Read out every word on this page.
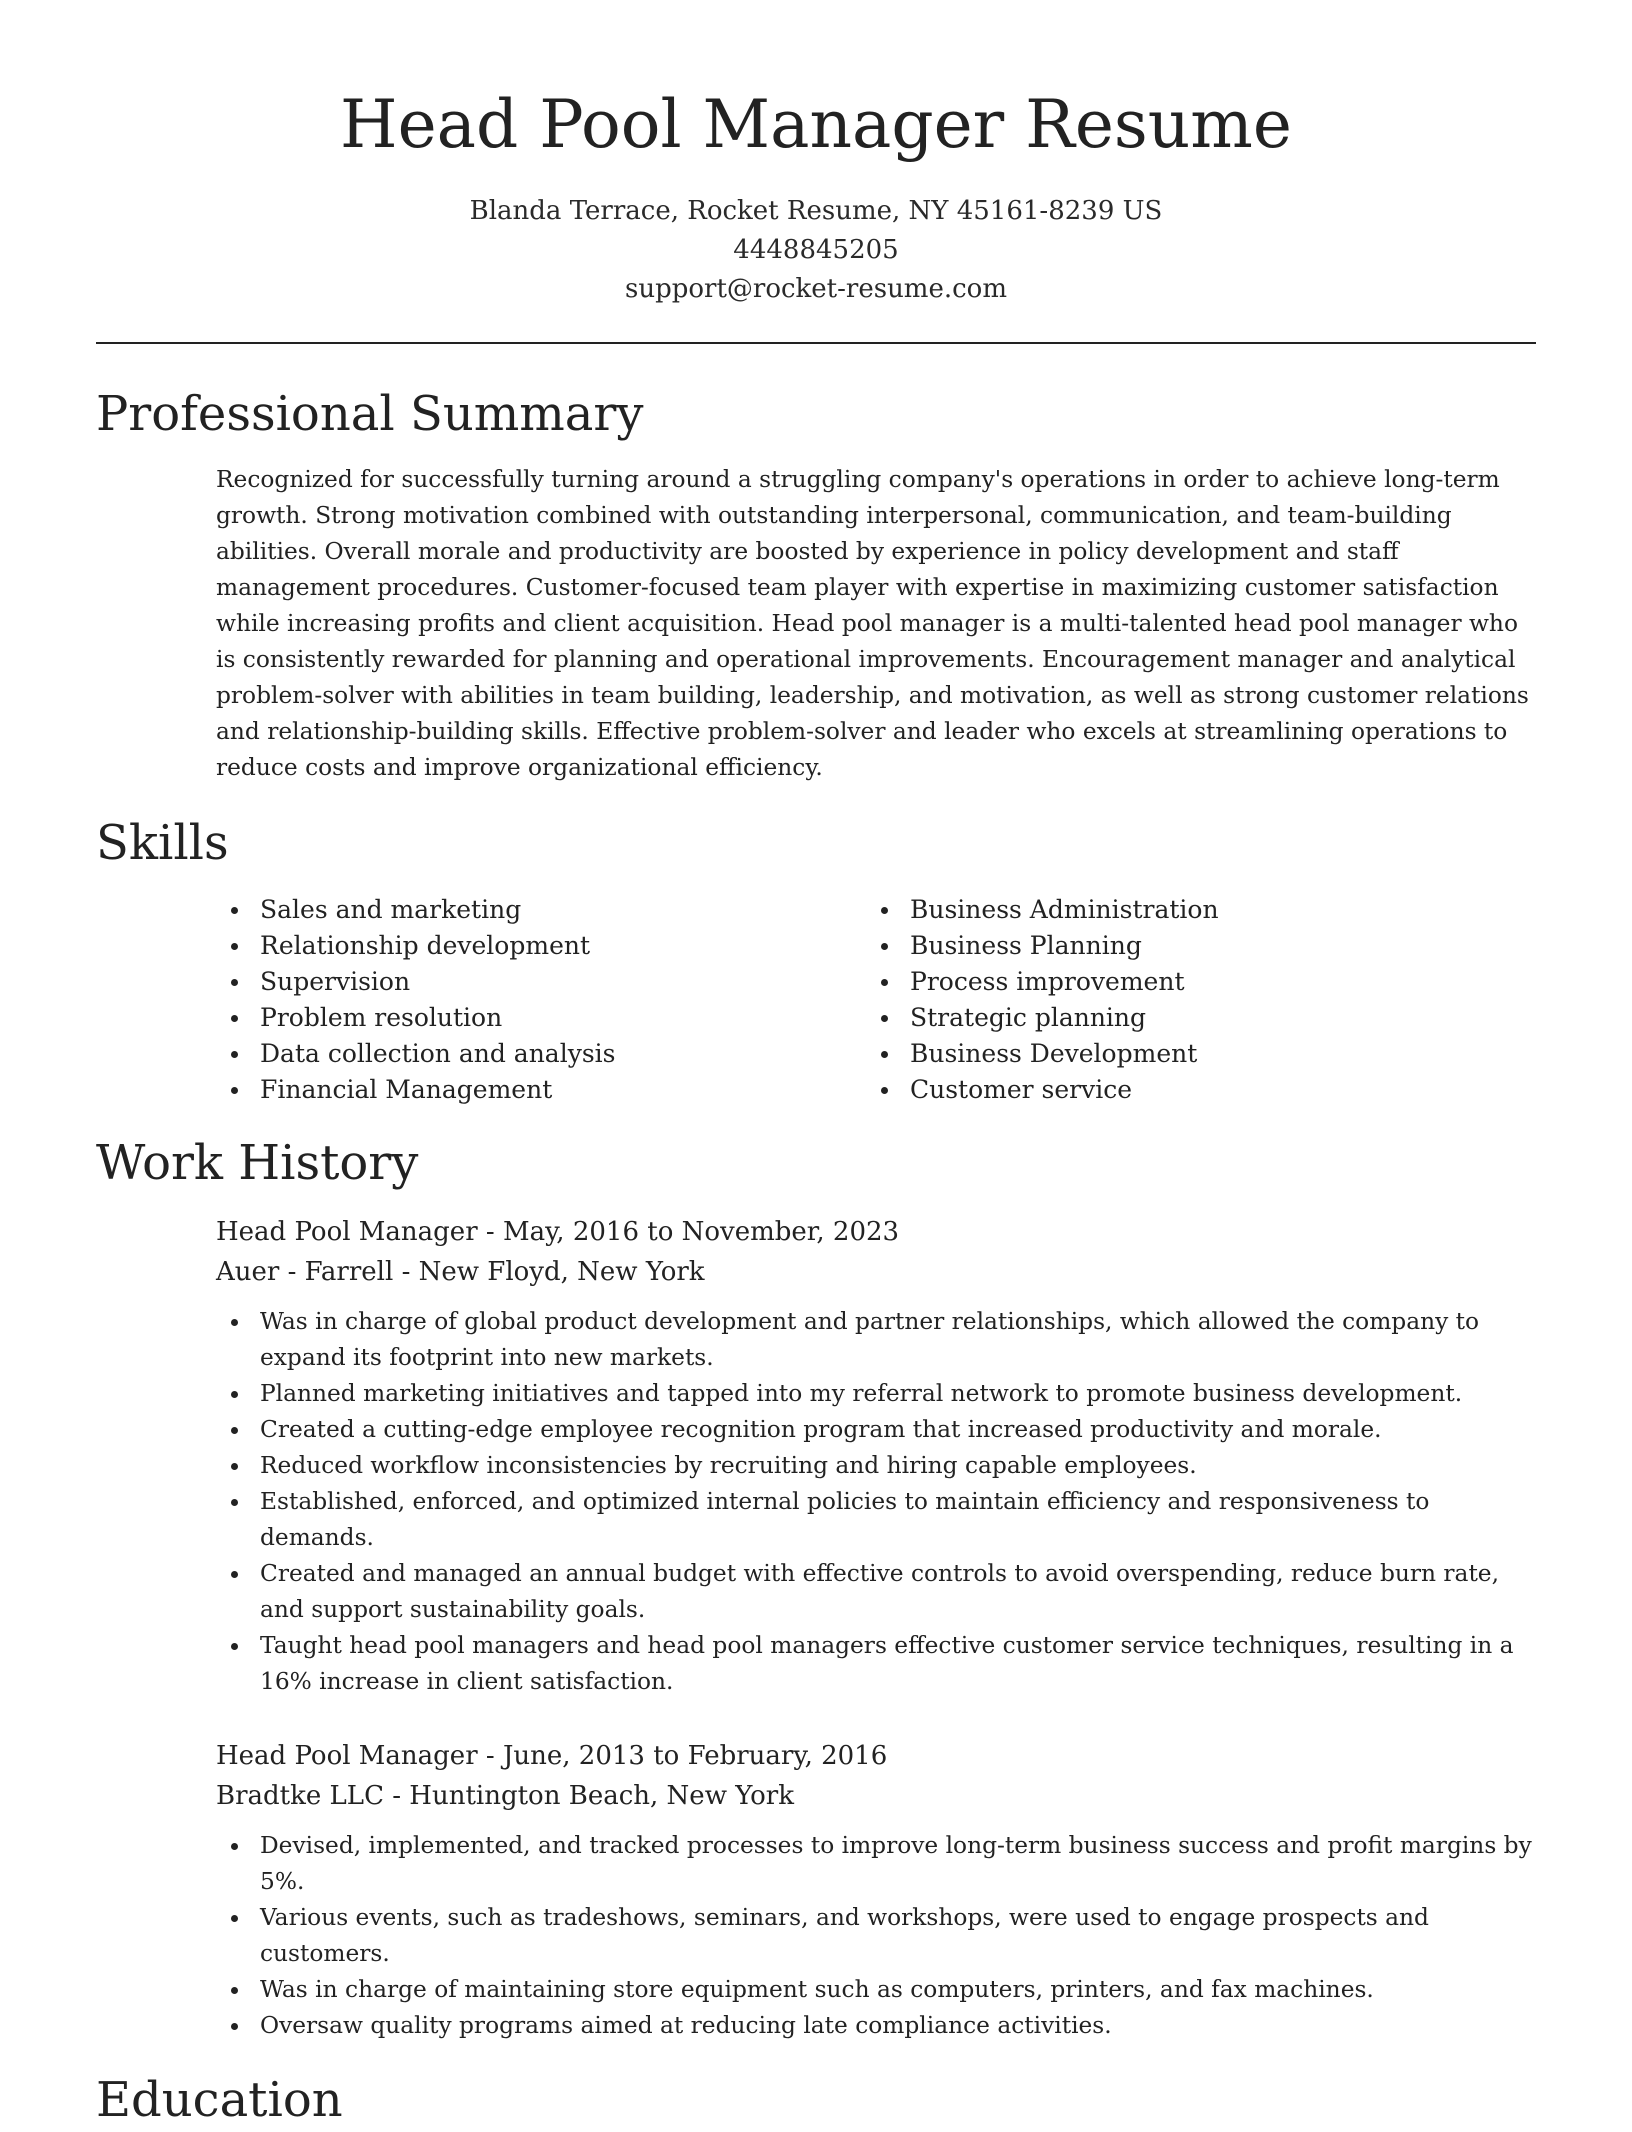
Head Pool Manager Resume
Blanda Terrace, Rocket Resume, NY 45161-8239 US
4448845205
support@rocket-resume.com
Professional Summary

Recognized for successfully turning around a struggling company's operations in order to achieve long-term growth. Strong motivation combined with outstanding interpersonal, communication, and team-building abilities. Overall morale and productivity are boosted by experience in policy development and staff management procedures. Customer-focused team player with expertise in maximizing customer satisfaction while increasing profits and client acquisition. Head pool manager is a multi-talented head pool manager who is consistently rewarded for planning and operational improvements. Encouragement manager and analytical problem-solver with abilities in team building, leadership, and motivation, as well as strong customer relations and relationship-building skills. Effective problem-solver and leader who excels at streamlining operations to reduce costs and improve organizational efficiency.

Skills
Sales and marketing
Relationship development
Supervision
Problem resolution
Data collection and analysis
Financial Management
Business Administration
Business Planning
Process improvement
Strategic planning
Business Development
Customer service
Work History
Head Pool Manager - May, 2016 to November, 2023
Auer - Farrell - New Floyd, New York
Was in charge of global product development and partner relationships, which allowed the company to expand its footprint into new markets.
Planned marketing initiatives and tapped into my referral network to promote business development.
Created a cutting-edge employee recognition program that increased productivity and morale.
Reduced workflow inconsistencies by recruiting and hiring capable employees.
Established, enforced, and optimized internal policies to maintain efficiency and responsiveness to demands.
Created and managed an annual budget with effective controls to avoid overspending, reduce burn rate, and support sustainability goals.
Taught head pool managers and head pool managers effective customer service techniques, resulting in a 16% increase in client satisfaction.
Head Pool Manager - June, 2013 to February, 2016
Bradtke LLC - Huntington Beach, New York
Devised, implemented, and tracked processes to improve long-term business success and profit margins by 5%.
Various events, such as tradeshows, seminars, and workshops, were used to engage prospects and customers.
Was in charge of maintaining store equipment such as computers, printers, and fax machines.
Oversaw quality programs aimed at reducing late compliance activities.
Education
